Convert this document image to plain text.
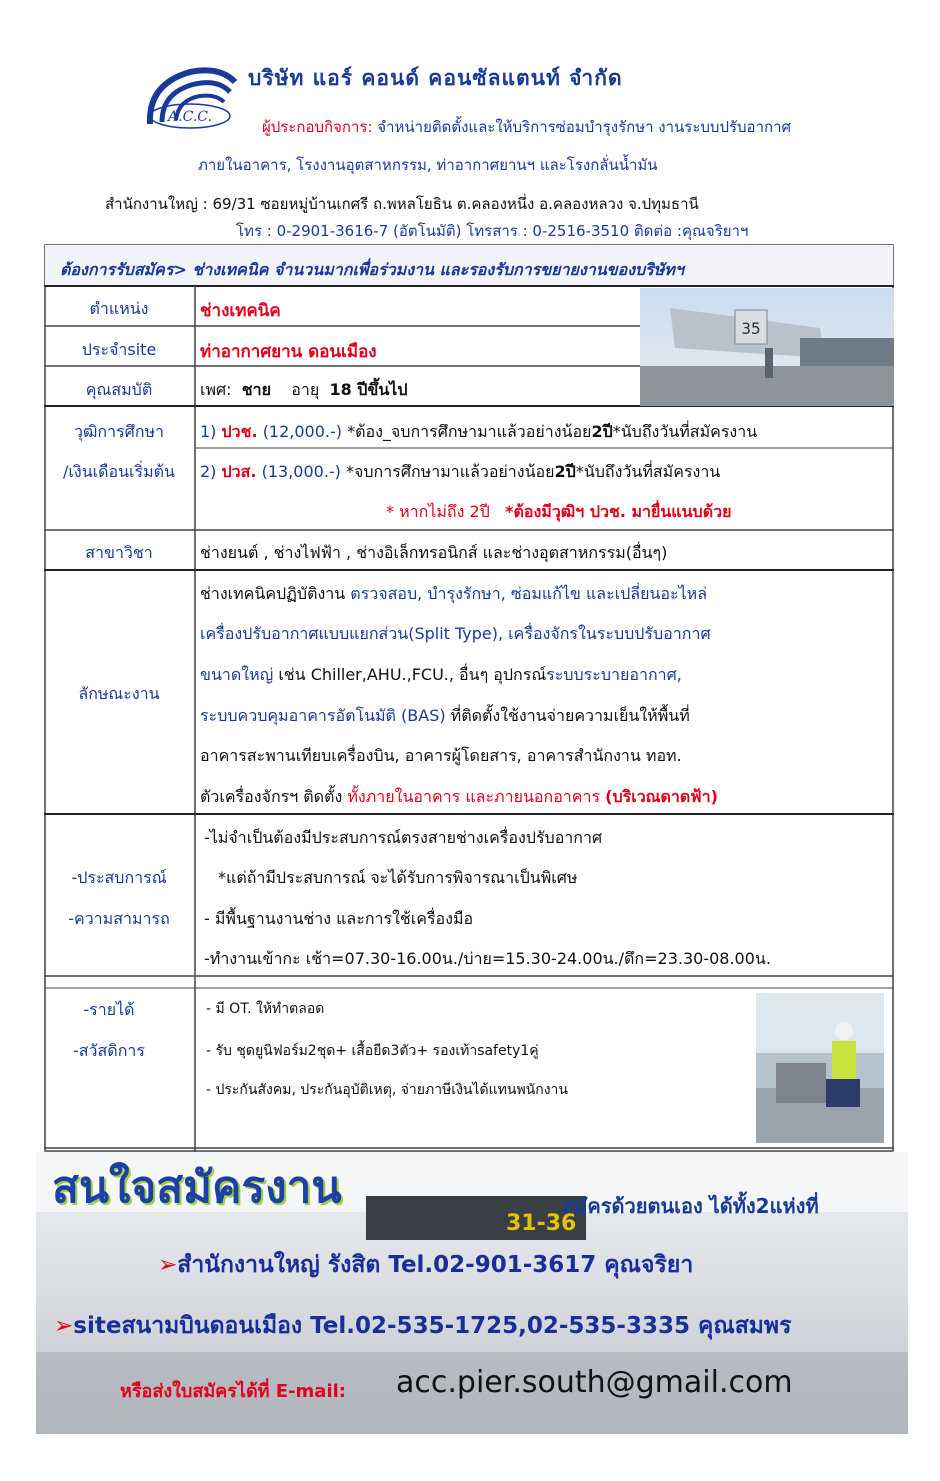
A.C.C.
บริษัท แอร์ คอนด์ คอนซัลแตนท์ จำกัด
ผู้ประกอบกิจการ: จำหน่ายติดตั้งและให้บริการซ่อมบำรุงรักษา งานระบบปรับอากาศ
ภายในอาคาร, โรงงานอุตสาหกรรม, ท่าอากาศยานฯ และโรงกลั่นน้ำมัน
สำนักงานใหญ่ : 69/31 ซอยหมู่บ้านเกศรี ถ.พหลโยธิน ต.คลองหนึ่ง อ.คลองหลวง จ.ปทุมธานี
โทร : 0-2901-3616-7 (อัตโนมัติ) โทรสาร : 0-2516-3510 ติดต่อ :คุณจริยาฯ
ต้องการรับสมัคร> ช่างเทคนิค จำนวนมากเพื่อร่วมงาน และรองรับการขยายงานของบริษัทฯ
ตำแหน่ง
ประจำsite
คุณสมบัติ
วุฒิการศึกษา
/เงินเดือนเริ่มต้น
สาขาวิชา
ลักษณะงาน
-ประสบการณ์
-ความสามารถ
-รายได้
-สวัสดิการ
ช่างเทคนิค
ท่าอากาศยาน ดอนเมือง
เพศ: ชาย อายุ 18 ปีขึ้นไป
1) ปวช. (12,000.-) *ต้อง_จบการศึกษามาแล้วอย่างน้อย2ปี*นับถึงวันที่สมัครงาน
2) ปวส. (13,000.-) *จบการศึกษามาแล้วอย่างน้อย2ปี*นับถึงวันที่สมัครงาน
* หากไม่ถึง 2ปี *ต้องมีวุฒิฯ ปวช. มายื่นแนบด้วย
ช่างยนต์ , ช่างไฟฟ้า , ช่างอิเล็กทรอนิกส์ และช่างอุตสาหกรรม(อื่นๆ)
ช่างเทคนิคปฏิบัติงาน ตรวจสอบ, บำรุงรักษา, ซ่อมแก้ไข และเปลี่ยนอะไหล่
เครื่องปรับอากาศแบบแยกส่วน(Split Type), เครื่องจักรในระบบปรับอากาศ
ขนาดใหญ่ เช่น Chiller,AHU.,FCU., อื่นๆ อุปกรณ์ระบบระบายอากาศ,
ระบบควบคุมอาคารอัตโนมัติ (BAS) ที่ติดตั้งใช้งานจ่ายความเย็นให้พื้นที่
อาคารสะพานเทียบเครื่องบิน, อาคารผู้โดยสาร, อาคารสำนักงาน ทอท.
ตัวเครื่องจักรฯ ติดตั้ง ทั้งภายในอาคาร และภายนอกอาคาร (บริเวณดาดฟ้า)
-ไม่จำเป็นต้องมีประสบการณ์ตรงสายช่างเครื่องปรับอากาศ
*แต่ถ้ามีประสบการณ์ จะได้รับการพิจารณาเป็นพิเศษ
- มีพื้นฐานงานช่าง และการใช้เครื่องมือ
-ทำงานเข้ากะ เช้า=07.30-16.00น./บ่าย=15.30-24.00น./ดึก=23.30-08.00น.
- มี OT. ให้ทำตลอด
- รับ ชุดยูนิฟอร์ม2ชุด+ เสื้อยืด3ตัว+ รองเท้าsafety1คู่
- ประกันสังคม, ประกันอุบัติเหตุ, จ่ายภาษีเงินได้แทนพนักงาน
35
31-36
สนใจสมัครงาน	สมัครด้วยตนเอง ได้ทั้ง2แห่งที่
➢สำนักงานใหญ่ รังสิต Tel.02-901-3617 คุณจริยา
➢siteสนามบินดอนเมือง Tel.02-535-1725,02-535-3335 คุณสมพร
หรือส่งใบสมัครได้ที่ E-mail: acc.pier.south@gmail.com
